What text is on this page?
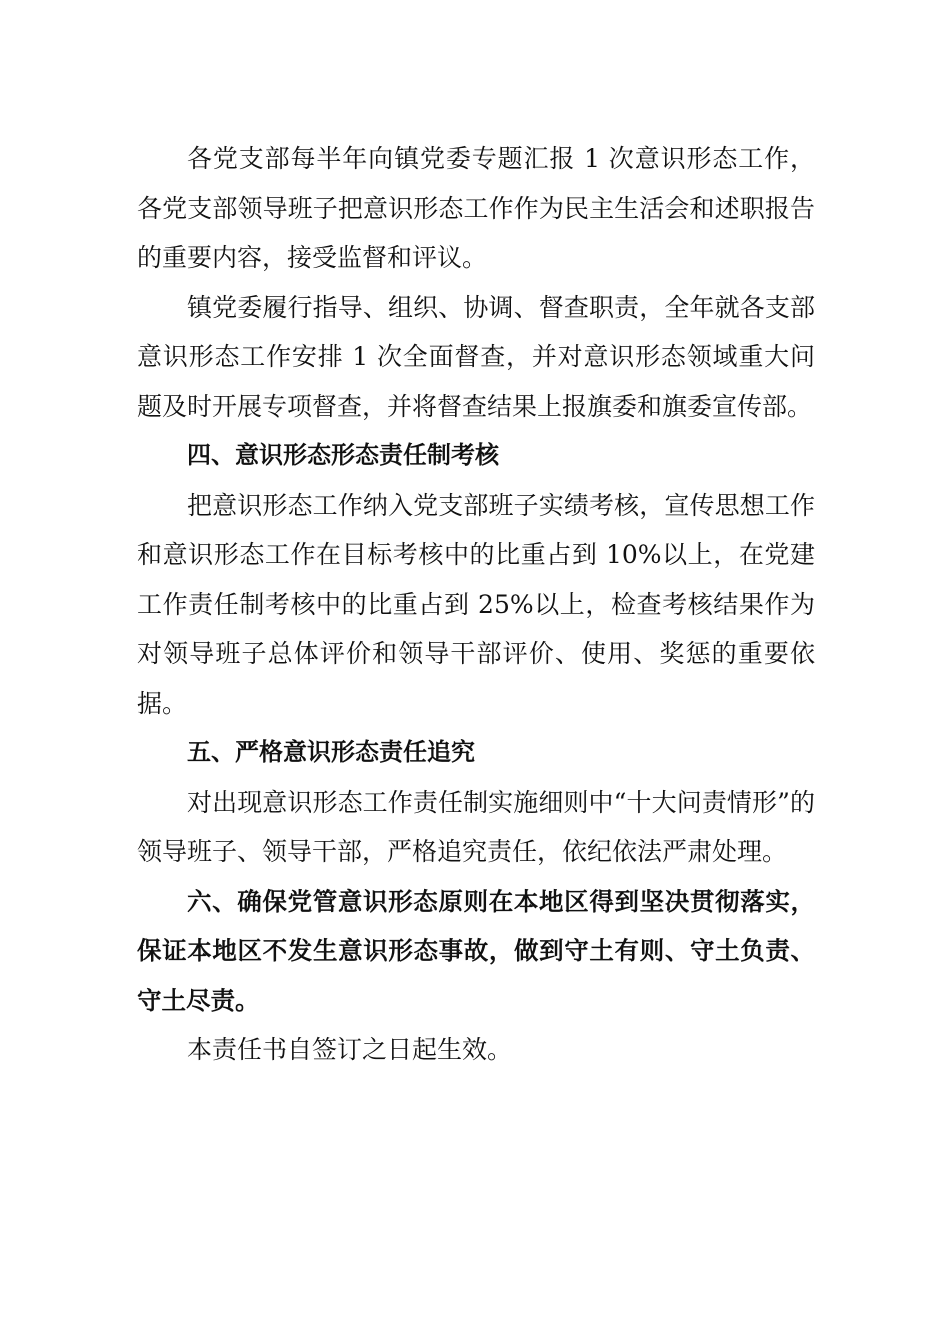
各党支部每半年向镇党委专题汇报 1 次意识形态工作，各党支部领导班子把意识形态工作作为民主生活会和述职报告的重要内容，接受监督和评议。

镇党委履行指导、组织、协调、督查职责，全年就各支部意识形态工作安排 1 次全面督查，并对意识形态领域重大问题及时开展专项督查，并将督查结果上报旗委和旗委宣传部。

四、意识形态形态责任制考核

把意识形态工作纳入党支部班子实绩考核，宣传思想工作和意识形态工作在目标考核中的比重占到 10%以上，在党建工作责任制考核中的比重占到 25%以上，检查考核结果作为对领导班子总体评价和领导干部评价、使用、奖惩的重要依据。

五、严格意识形态责任追究

对出现意识形态工作责任制实施细则中“十大问责情形”的领导班子、领导干部，严格追究责任，依纪依法严肃处理。

六、确保党管意识形态原则在本地区得到坚决贯彻落实，保证本地区不发生意识形态事故，做到守土有则、守土负责、守土尽责。

本责任书自签订之日起生效。
